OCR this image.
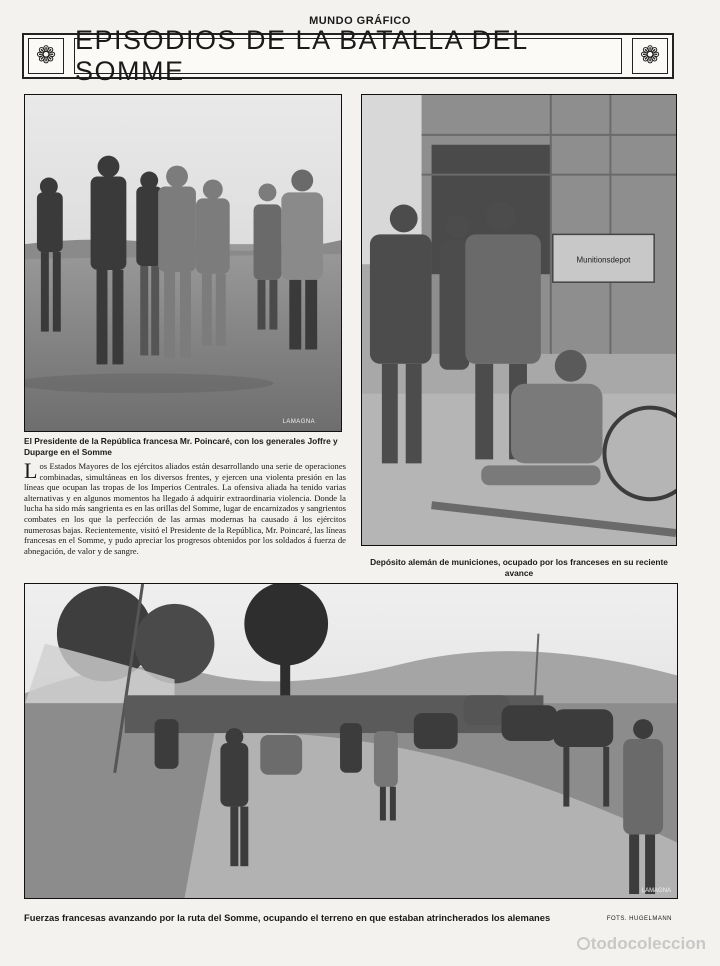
MUNDO GRÁFICO
❁
EPISODIOS DE LA BATALLA DEL SOMME	❁
LAMAGNA
El Presidente de la República francesa Mr. Poincaré, con los generales Joffre y Duparge en el Somme
Los Estados Mayores de los ejércitos aliados están desarrollando una serie de operaciones combinadas, simultáneas en los diversos frentes, y ejercen una violenta presión en las líneas que ocupan las tropas de los Imperios Centrales. La ofensiva aliada ha tenido varias alternativas y en algunos momentos ha llegado á adquirir extraordinaria violencia. Donde la lucha ha sido más sangrienta es en las orillas del Somme, lugar de encarnizados y sangrientos combates en los que la perfección de las armas modernas ha causado á los ejércitos numerosas bajas. Recientemente, visitó el Presidente de la República, Mr. Poincaré, las líneas francesas en el Somme, y pudo apreciar los progresos obtenidos por los soldados á fuerza de abnegación, de valor y de sangre.
Munitionsdepot
Depósito alemán de municiones, ocupado por los franceses en su reciente avance
LAMAGNA
Fuerzas francesas avanzando por la ruta del Somme, ocupando el terreno en que estaban atrincherados los alemanes	FOTS. HUGELMANN
todocoleccion
